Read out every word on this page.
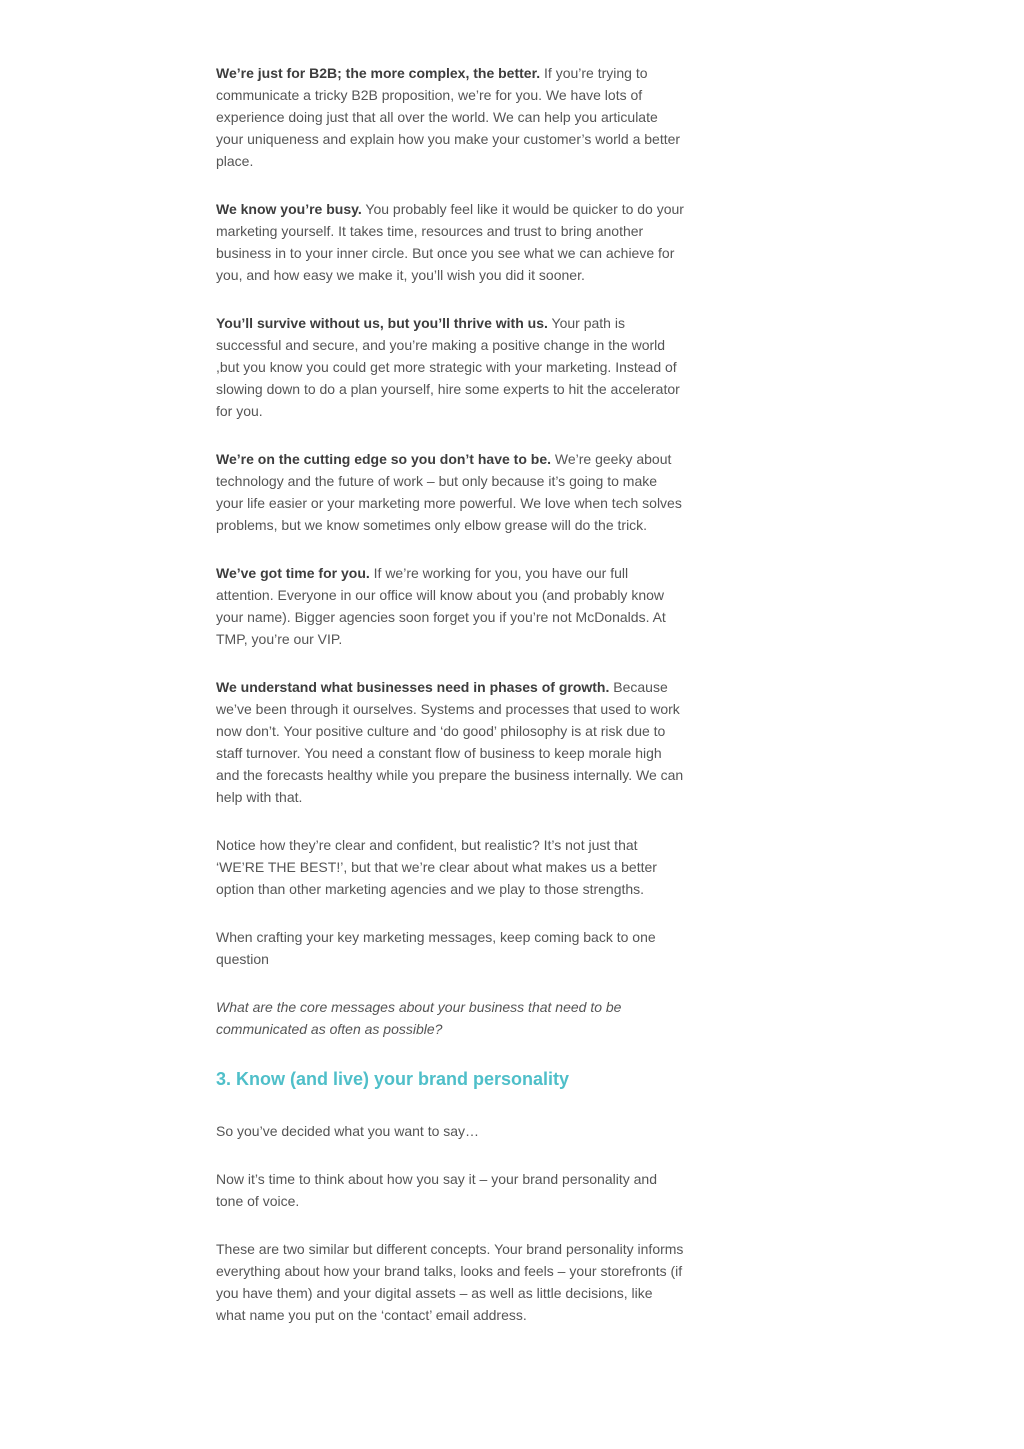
We’re just for B2B; the more complex, the better. If you’re trying to communicate a tricky B2B proposition, we’re for you. We have lots of experience doing just that all over the world. We can help you articulate your uniqueness and explain how you make your customer’s world a better place.

We know you’re busy. You probably feel like it would be quicker to do your marketing yourself. It takes time, resources and trust to bring another business in to your inner circle. But once you see what we can achieve for you, and how easy we make it, you’ll wish you did it sooner.

You’ll survive without us, but you’ll thrive with us. Your path is successful and secure, and you’re making a positive change in the world ,but you know you could get more strategic with your marketing. Instead of slowing down to do a plan yourself, hire some experts to hit the accelerator for you.

We’re on the cutting edge so you don’t have to be. We’re geeky about technology and the future of work – but only because it’s going to make your life easier or your marketing more powerful. We love when tech solves problems, but we know sometimes only elbow grease will do the trick.

We’ve got time for you. If we’re working for you, you have our full attention. Everyone in our office will know about you (and probably know your name). Bigger agencies soon forget you if you’re not McDonalds. At TMP, you’re our VIP.

We understand what businesses need in phases of growth. Because we’ve been through it ourselves. Systems and processes that used to work now don’t. Your positive culture and ‘do good’ philosophy is at risk due to staff turnover. You need a constant flow of business to keep morale high and the forecasts healthy while you prepare the business internally. We can help with that.

Notice how they’re clear and confident, but realistic? It’s not just that ‘WE’RE THE BEST!’, but that we’re clear about what makes us a better option than other marketing agencies and we play to those strengths.

When crafting your key marketing messages, keep coming back to one question

What are the core messages about your business that need to be communicated as often as possible?

3. Know (and live) your brand personality

So you’ve decided what you want to say…

Now it’s time to think about how you say it – your brand personality and tone of voice.

These are two similar but different concepts. Your brand personality informs everything about how your brand talks, looks and feels – your storefronts (if you have them) and your digital assets – as well as little decisions, like what name you put on the ‘contact’ email address.
